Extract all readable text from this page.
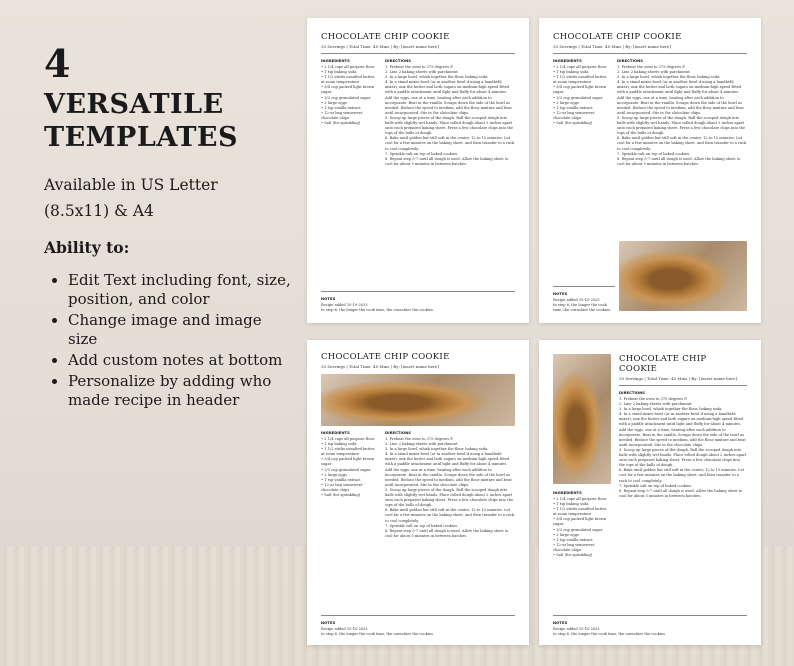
4

VERSATILE
TEMPLATES

Available in US Letter
(8.5x11) & A4

Ability to:

• Edit Text including font, size, position, and color
• Change image and image size
• Add custom notes at bottom
• Personalize by adding who made recipe in header
CHOCOLATE CHIP COOKIE
20 Servings | Total Time: 45 Mins | By: [insert name here]
INGREDIENTS
• 2 1/4 cups all-purpose flour
• 1 tsp baking soda
• 1 1/2 sticks unsalted butter, at room temperature
• 3/4 cup packed light brown sugar
• 2/3 cup granulated sugar
• 2 large eggs
• 1 tsp vanilla extract
• 12-oz bag semisweet chocolate chips
• Salt (for sprinkling)
DIRECTIONS
1. Preheat the oven to 375 degrees F.
2. Line 2 baking sheets with parchment.
3. In a large bowl, whisk together the flour, baking soda.
4. In a stand mixer bowl (or in another bowl if using a handheld mixer), mix the butter and both sugars on medium-high speed fitted with a paddle attachment until light and fluffy for about 4 minutes. Add the eggs, one at a time, beating after each addition to incorporate. Beat in the vanilla. Scrape down the side of the bowl as needed. Reduce the speed to medium, add the flour mixture and beat until incorporated. Stir in the chocolate chips.
5. Scoop up large pieces of the dough. Roll the scooped dough into balls with slightly wet hands. Place rolled dough about 2 inches apart onto each prepared baking sheet. Press a few chocolate chips into the tops of the balls of dough.
6. Bake until golden but still soft in the center, 12 to 15 minutes. Let cool for a few minutes on the baking sheet, and then transfer to a rack to cool completely.
7. Sprinkle salt on top of baked cookies.
8. Repeat step 5-7 until all dough is used. Allow the baking sheet to cool for about 5 minutes in between batches.
NOTES
Recipe added 10-10-2023
In step 6, the longer the cook time, the crunchier the cookies.
CHOCOLATE CHIP COOKIE
20 Servings | Total Time: 45 Mins | By: [insert name here]
INGREDIENTS
• 2 1/4 cups all-purpose flour
• 1 tsp baking soda
• 1 1/2 sticks unsalted butter, at room temperature
• 3/4 cup packed light brown sugar
• 2/3 cup granulated sugar
• 2 large eggs
• 1 tsp vanilla extract
• 12-oz bag semisweet chocolate chips
• Salt (for sprinkling)
DIRECTIONS
1. Preheat the oven to 375 degrees F.
2. Line 2 baking sheets with parchment.
3. In a large bowl, whisk together the flour, baking soda.
4. In a stand mixer bowl (or in another bowl if using a handheld mixer), mix the butter and both sugars on medium-high speed fitted with a paddle attachment until light and fluffy for about 4 minutes. Add the eggs, one at a time, beating after each addition to incorporate. Beat in the vanilla. Scrape down the side of the bowl as needed. Reduce the speed to medium, add the flour mixture and beat until incorporated. Stir in the chocolate chips.
5. Scoop up large pieces of the dough. Roll the scooped dough into balls with slightly wet hands. Place rolled dough about 2 inches apart onto each prepared baking sheet. Press a few chocolate chips into the tops of the balls of dough.
6. Bake until golden but still soft in the center, 12 to 15 minutes. Let cool for a few minutes on the baking sheet, and then transfer to a rack to cool completely.
7. Sprinkle salt on top of baked cookies.
8. Repeat step 5-7 until all dough is used. Allow the baking sheet to cool for about 5 minutes in between batches.
NOTES
Recipe added 10-10-2023
In step 6, the longer the cook time, the crunchier the cookies.
CHOCOLATE CHIP COOKIE
20 Servings | Total Time: 45 Mins | By: [insert name here]
INGREDIENTS
• 2 1/4 cups all-purpose flour
• 1 tsp baking soda
• 1 1/2 sticks unsalted butter, at room temperature
• 3/4 cup packed light brown sugar
• 2/3 cup granulated sugar
• 2 large eggs
• 1 tsp vanilla extract
• 12-oz bag semisweet chocolate chips
• Salt (for sprinkling)
DIRECTIONS
1. Preheat the oven to 375 degrees F.
2. Line 2 baking sheets with parchment.
3. In a large bowl, whisk together the flour, baking soda.
4. In a stand mixer bowl (or in another bowl if using a handheld mixer), mix the butter and both sugars on medium-high speed fitted with a paddle attachment until light and fluffy for about 4 minutes. Add the eggs, one at a time, beating after each addition to incorporate. Beat in the vanilla. Scrape down the side of the bowl as needed. Reduce the speed to medium, add the flour mixture and beat until incorporated. Stir in the chocolate chips.
5. Scoop up large pieces of the dough. Roll the scooped dough into balls with slightly wet hands. Place rolled dough about 2 inches apart onto each prepared baking sheet. Press a few chocolate chips into the tops of the balls of dough.
6. Bake until golden but still soft in the center, 12 to 15 minutes. Let cool for a few minutes on the baking sheet, and then transfer to a rack to cool completely.
7. Sprinkle salt on top of baked cookies.
8. Repeat step 5-7 until all dough is used. Allow the baking sheet to cool for about 5 minutes in between batches.
NOTES
Recipe added 10-10-2023
In step 6, the longer the cook time, the crunchier the cookies.
CHOCOLATE CHIP COOKIE
20 Servings | Total Time: 45 Mins | By: [insert name here]
DIRECTIONS
1. Preheat the oven to 375 degrees F.
2. Line 2 baking sheets with parchment.
3. In a large bowl, whisk together the flour, baking soda.
4. In a stand mixer bowl (or in another bowl if using a handheld mixer), mix the butter and both sugars on medium-high speed fitted with a paddle attachment until light and fluffy for about 4 minutes. Add the eggs, one at a time, beating after each addition to incorporate. Beat in the vanilla. Scrape down the side of the bowl as needed. Reduce the speed to medium, add the flour mixture and beat until incorporated. Stir in the chocolate chips.
5. Scoop up large pieces of the dough. Roll the scooped dough into balls with slightly wet hands. Place rolled dough about 2 inches apart onto each prepared baking sheet. Press a few chocolate chips into the tops of the balls of dough.
6. Bake until golden but still soft in the center, 12 to 15 minutes. Let cool for a few minutes on the baking sheet, and then transfer to a rack to cool completely.
7. Sprinkle salt on top of baked cookies.
8. Repeat step 5-7 until all dough is used. Allow the baking sheet to cool for about 5 minutes in between batches.
INGREDIENTS
• 2 1/4 cups all-purpose flour
• 1 tsp baking soda
• 1 1/2 sticks unsalted butter, at room temperature
• 3/4 cup packed light brown sugar
• 2/3 cup granulated sugar
• 2 large eggs
• 1 tsp vanilla extract
• 12-oz bag semisweet chocolate chips
• Salt (for sprinkling)
NOTES
Recipe added 10-10-2023
In step 6, the longer the cook time, the crunchier the cookies.
